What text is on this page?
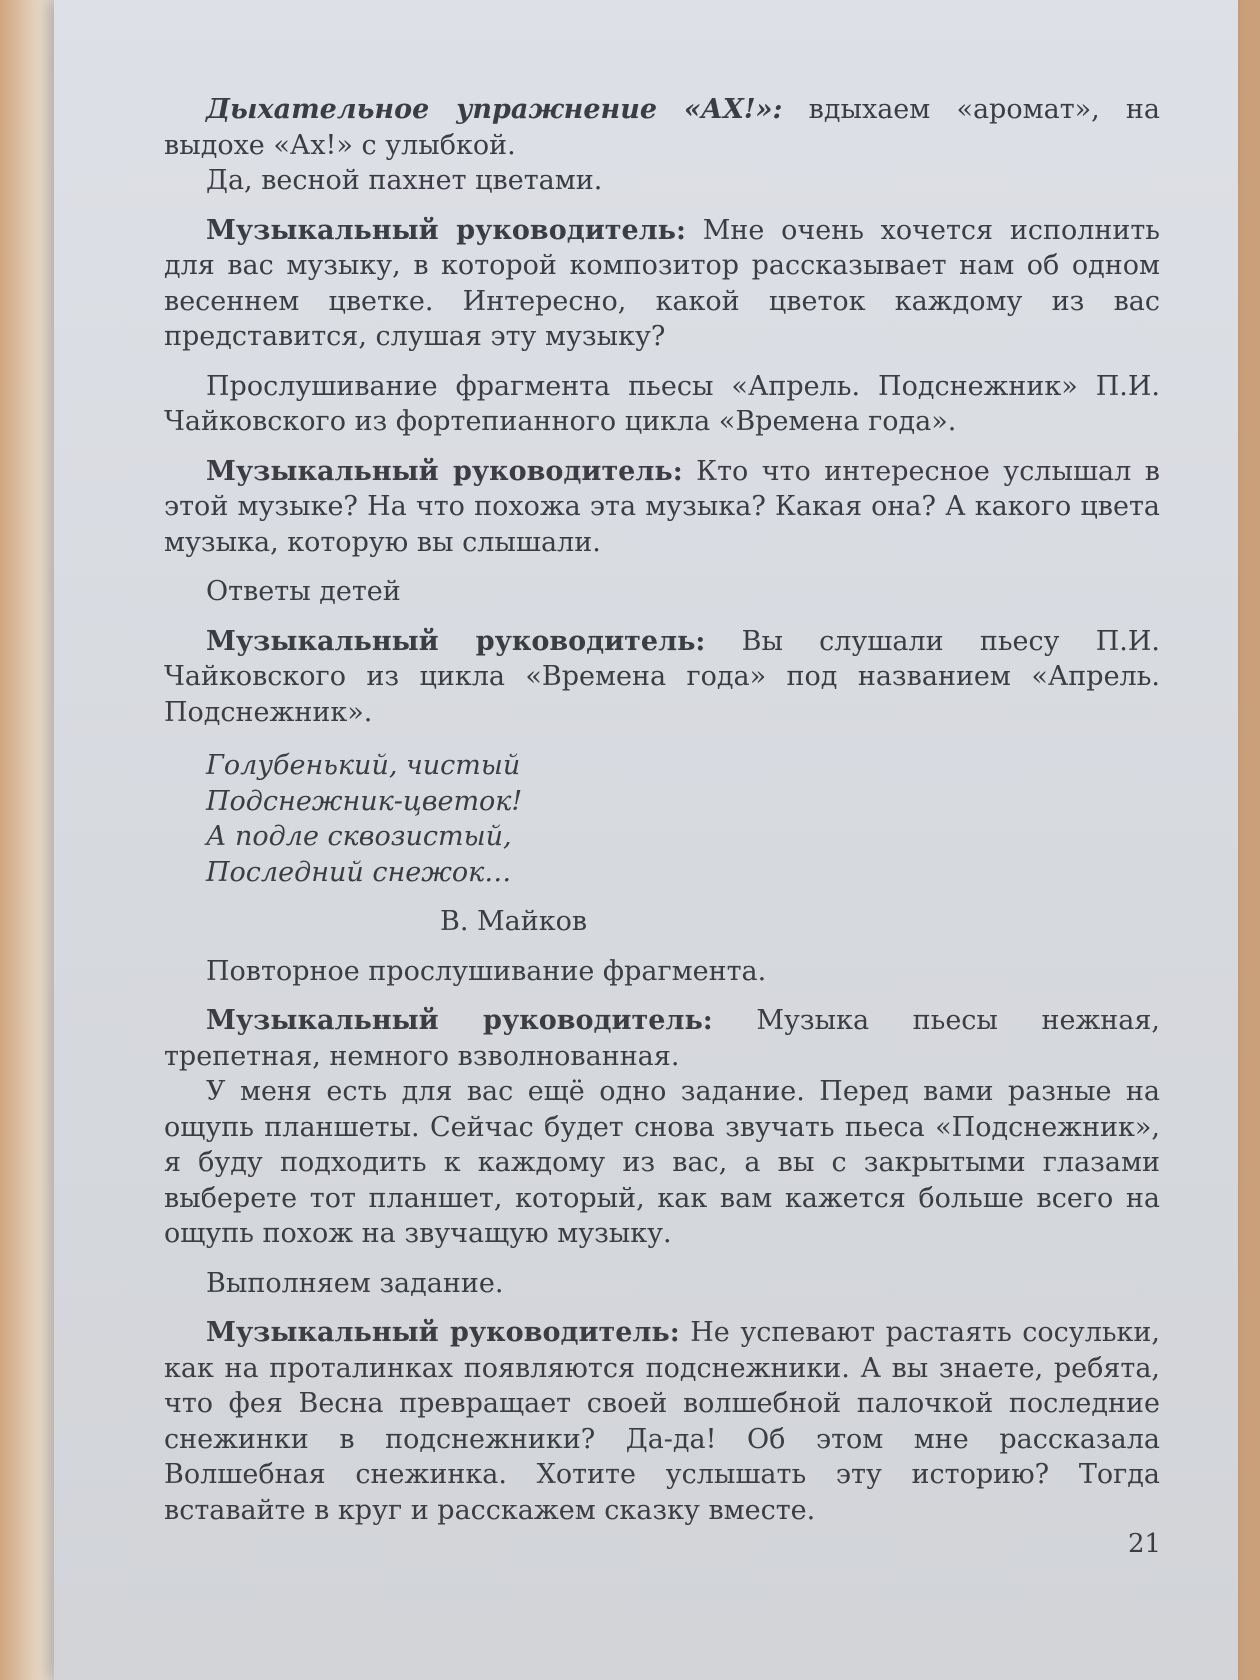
Дыхательное упражнение «АХ!»: вдыхаем «аромат», на выдохе «Ах!» с улыбкой.

Да, весной пахнет цветами.

Музыкальный руководитель: Мне очень хочется исполнить для вас музыку, в которой композитор рассказывает нам об одном весеннем цветке. Интересно, какой цветок каждому из вас представится, слушая эту музыку?

Прослушивание фрагмента пьесы «Апрель. Подснежник» П.И. Чайковского из фортепианного цикла «Времена года».

Музыкальный руководитель: Кто что интересное услышал в этой музыке? На что похожа эта музыка? Какая она? А какого цвета музыка, которую вы слышали.

Ответы детей

Музыкальный руководитель: Вы слушали пьесу П.И. Чайковского из цикла «Времена года» под названием «Апрель. Подснежник».

Голубенький, чистый
Подснежник-цветок!
А подле сквозистый,
Последний снежок…
В. Майков

Повторное прослушивание фрагмента.

Музыкальный руководитель: Музыка пьесы нежная, трепетная, немного взволнованная.

У меня есть для вас ещё одно задание. Перед вами разные на ощупь планшеты. Сейчас будет снова звучать пьеса «Подснежник», я буду подходить к каждому из вас, а вы с закрытыми глазами выберете тот планшет, который, как вам кажется больше всего на ощупь похож на звучащую музыку.

Выполняем задание.

Музыкальный руководитель: Не успевают растаять сосульки, как на проталинках появляются подснежники. А вы знаете, ребята, что фея Весна превращает своей волшебной палочкой последние снежинки в подснежники? Да-да! Об этом мне рассказала Волшебная снежинка. Хотите услышать эту историю? Тогда вставайте в круг и расскажем сказку вместе.

21
